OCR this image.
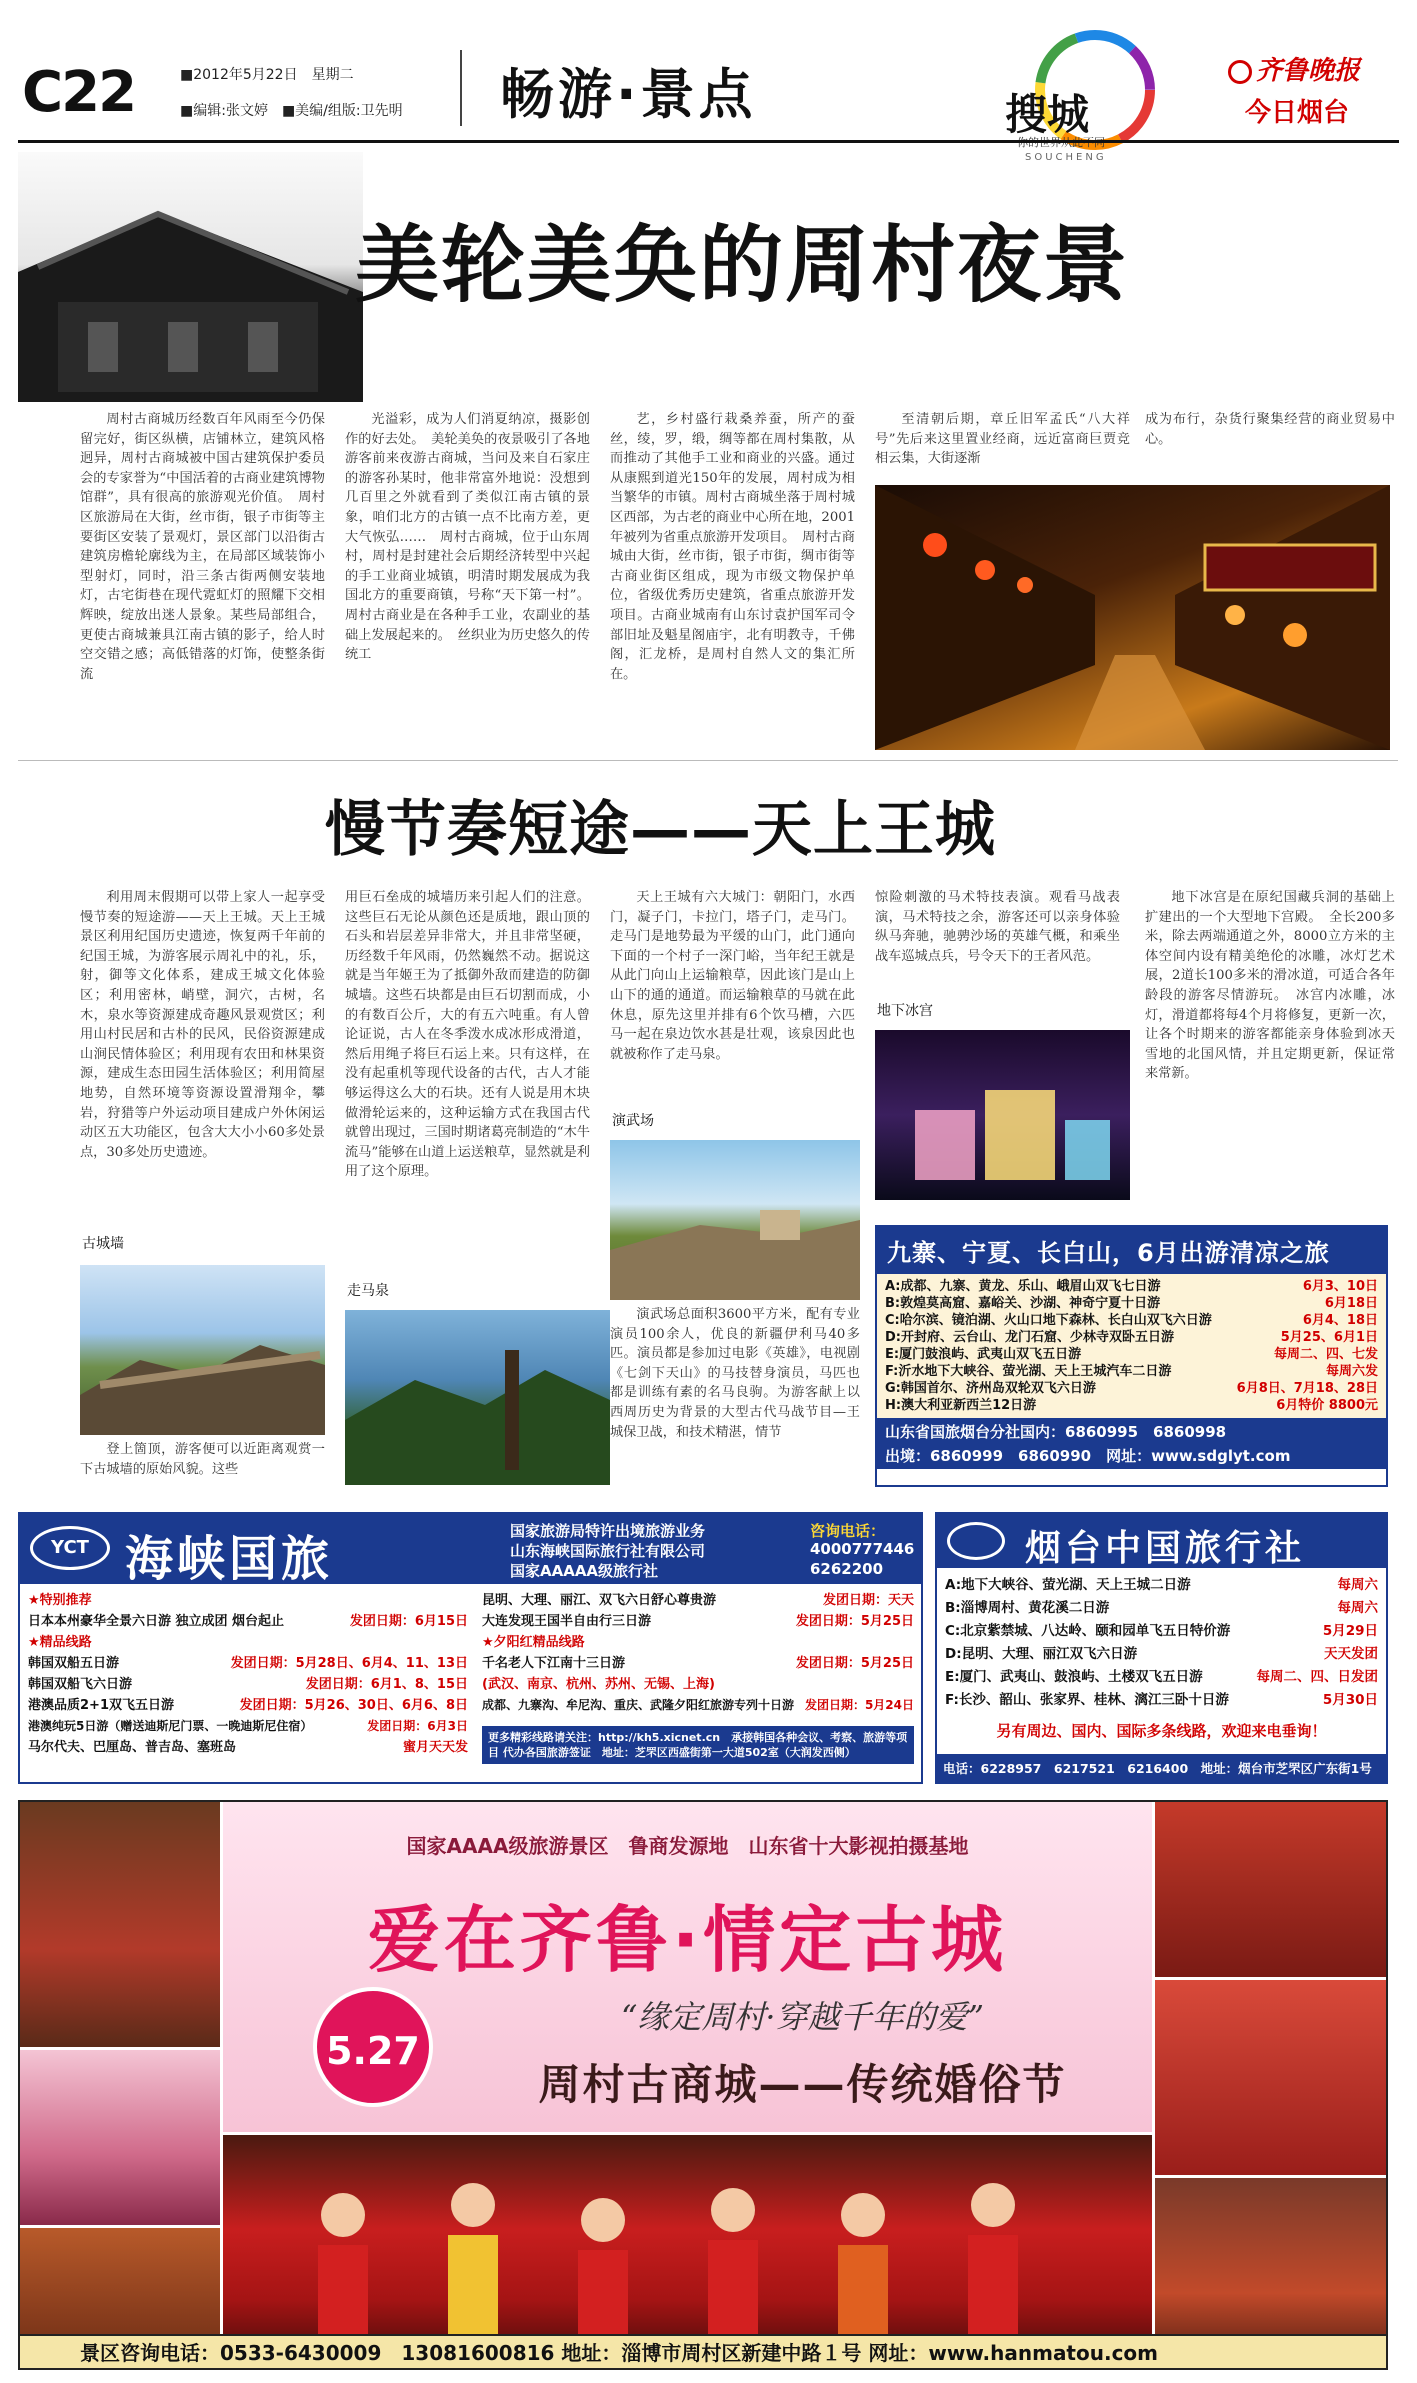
C22	■2012年5月22日　星期二
■编辑:张文婷　■美编/组版:卫先明 畅游·景点	搜城
SOUCHENG
齐鲁晚报
今日烟台
美轮美奂的周村夜景

周村古商城历经数百年风雨至今仍保留完好，街区纵横，店铺林立，建筑风格迥异，周村古商城被中国古建筑保护委员会的专家誉为“中国活着的古商业建筑博物馆群”，具有很高的旅游观光价值。　周村区旅游局在大街，丝市街，银子市街等主要街区安装了景观灯，景区部门以沿街古建筑房檐轮廓线为主，在局部区域装饰小型射灯，同时，沿三条古街两侧安装地灯，古宅街巷在现代霓虹灯的照耀下交相辉映，绽放出迷人景象。某些局部组合，更使古商城兼具江南古镇的影子，给人时空交错之感；高低错落的灯饰，使整条街流

光溢彩，成为人们消夏纳凉，摄影创作的好去处。　美轮美奂的夜景吸引了各地游客前来夜游古商城，当问及来自石家庄的游客孙某时，他非常富外地说：没想到几百里之外就看到了类似江南古镇的景象，咱们北方的古镇一点不比南方差，更大气恢弘……　周村古商城，位于山东周村，周村是封建社会后期经济转型中兴起的手工业商业城镇，明清时期发展成为我国北方的重要商镇，号称“天下第一村”。周村古商业是在各种手工业，农副业的基础上发展起来的。　丝织业为历史悠久的传统工

艺，乡村盛行栽桑养蚕，所产的蚕丝，绫，罗，缎，绸等都在周村集散，从而推动了其他手工业和商业的兴盛。通过从康熙到道光150年的发展，周村成为相当繁华的市镇。周村古商城坐落于周村城区西部，为古老的商业中心所在地，2001年被列为省重点旅游开发项目。　周村古商城由大街，丝市街，银子市街，绸市街等古商业街区组成，现为市级文物保护单位，省级优秀历史建筑，省重点旅游开发项目。古商业城南有山东讨袁护国军司令部旧址及魁星阁庙宇，北有明教寺，千佛阁，汇龙桥，是周村自然人文的集汇所在。

至清朝后期，章丘旧军孟氏“八大祥号”先后来这里置业经商，远近富商巨贾竞相云集，大街逐渐

成为布行，杂货行聚集经营的商业贸易中心。

慢节奏短途——天上王城

利用周末假期可以带上家人一起享受慢节奏的短途游——天上王城。天上王城景区利用纪国历史遗迹，恢复两千年前的纪国王城，为游客展示周礼中的礼，乐，射，御等文化体系，建成王城文化体验区；利用密林，峭壁，洞穴，古树，名木，泉水等资源建成奇趣风景观赏区；利用山村民居和古朴的民风，民俗资源建成山涧民情体验区；利用现有农田和林果资源，建成生态田园生活体验区；利用简屋地势，自然环境等资源设置滑翔伞，攀岩，狩猎等户外运动项目建成户外休闲运动区五大功能区，包含大大小小60多处景点，30多处历史遗迹。

古城墙

登上箇顶，游客便可以近距离观赏一下古城墙的原始风貌。这些

用巨石垒成的城墙历来引起人们的注意。这些巨石无论从颜色还是质地，跟山顶的石头和岩层差异非常大，并且非常坚硬，历经数千年风雨，仍然巍然不动。据说这就是当年姬王为了抵御外敌而建造的防御城墙。这些石块都是由巨石切割而成，小的有数百公斤，大的有五六吨重。有人曾论证说，古人在冬季泼水成冰形成滑道，然后用绳子将巨石运上来。只有这样，在没有起重机等现代设备的古代，古人才能够运得这么大的石块。还有人说是用木块做滑轮运来的，这种运输方式在我国古代就曾出现过，三国时期诸葛亮制造的“木牛流马”能够在山道上运送粮草，显然就是利用了这个原理。

走马泉

天上王城有六大城门：朝阳门，水西门，凝子门，卡拉门，塔子门，走马门。走马门是地势最为平缓的山门，此门通向下面的一个村子一深门峪，当年纪王就是从此门向山上运输粮草，因此该门是山上山下的通的通道。而运输粮草的马就在此休息，原先这里并排有6个饮马槽，六匹马一起在泉边饮水甚是壮观，该泉因此也就被称作了走马泉。

演武场

演武场总面积3600平方米，配有专业演员100余人，优良的新疆伊利马40多匹。演员都是参加过电影《英雄》，电视剧《七剑下天山》的马技替身演员，马匹也都是训练有素的名马良驹。为游客献上以西周历史为背景的大型古代马战节目—王城保卫战，和技术精湛，情节

惊险刺激的马术特技表演。观看马战表演，马术特技之余，游客还可以亲身体验纵马奔驰，驰骋沙场的英雄气概，和乘坐战车巡城点兵，号令天下的王者风范。

地下冰宫

地下冰宫是在原纪国藏兵洞的基础上扩建出的一个大型地下宫殿。　全长200多米，除去两端通道之外，8000立方米的主体空间内设有精美绝伦的冰雕，冰灯艺术展，2道长100多米的滑冰道，可适合各年龄段的游客尽情游玩。　冰宫内冰雕，冰灯，滑道都将每4个月将修复，更新一次，让各个时期来的游客都能亲身体验到冰天雪地的北国风情，并且定期更新，保证常来常新。

九寨、宁夏、长白山，6月出游清凉之旅
A:成都、九寨、黄龙、乐山、峨眉山双飞七日游	6月3、10日
B:敦煌莫高窟、嘉峪关、沙湖、神奇宁夏十日游	6月18日
C:哈尔滨、镜泊湖、火山口地下森林、长白山双飞六日游	6月4、18日
D:开封府、云台山、龙门石窟、少林寺双卧五日游	5月25、6月1日
E:厦门鼓浪屿、武夷山双飞五日游	每周二、四、七发
F:沂水地下大峡谷、萤光湖、天上王城汽车二日游	每周六发
G:韩国首尔、济州岛双轮双飞六日游	6月8日、7月18、28日
H:澳大利亚新西兰12日游	6月特价 8800元
山东省国旅烟台分社国内：6860995　6860998
出境：6860999　6860990　网址：www.sdglyt.com
YCT 海峡国旅	国家旅游局特许出境旅游业务
山东海峡国际旅行社有限公司
国家AAAAA级旅行社
咨询电话：
4000777446
6262200
★特别推荐
日本本州豪华全景六日游 独立成团 烟台起止	发团日期：6月15日
★精品线路
韩国双船五日游	发团日期：5月28日、6月4、11、13日
韩国双船飞六日游	发团日期：6月1、8、15日
港澳品质2+1双飞五日游	发团日期：5月26、30日、6月6、8日
港澳纯玩5日游（赠送迪斯尼门票、一晚迪斯尼住宿）	发团日期：6月3日
马尔代夫、巴厘岛、普吉岛、塞班岛	蜜月天天发
昆明、大理、丽江、双飞六日舒心尊贵游	发团日期：天天
大连发现王国半自由行三日游	发团日期：5月25日
★夕阳红精品线路
千名老人下江南十三日游	发团日期：5月25日
(武汉、南京、杭州、苏州、无锡、上海)
成都、九寨沟、牟尼沟、重庆、武隆夕阳红旅游专列十日游 发团日期：5月24日
更多精彩线路请关注：http://kh5.xicnet.cn　承接韩国各种会议、考察、旅游等项目 代办各国旅游签证　地址：芝罘区西盛街第一大道502室（大润发西侧）
烟台中国旅行社
A:地下大峡谷、萤光湖、天上王城二日游	每周六
B:淄博周村、黄花溪二日游	每周六
C:北京紫禁城、八达岭、颐和园单飞五日特价游	5月29日
D:昆明、大理、丽江双飞六日游	天天发团
E:厦门、武夷山、鼓浪屿、土楼双飞五日游	每周二、四、日发团
F:长沙、韶山、张家界、桂林、漓江三卧十日游	5月30日
另有周边、国内、国际多条线路，欢迎来电垂询！
电话：6228957　6217521　6216400　地址：烟台市芝罘区广东街1号
国家AAAA级旅游景区　鲁商发源地　山东省十大影视拍摄基地
爱在齐鲁·情定古城
5.27
“缘定周村·穿越千年的爱”
周村古商城——传统婚俗节
景区咨询电话：0533-6430009　13081600816 地址：淄博市周村区新建中路１号 网址：www.hanmatou.com
